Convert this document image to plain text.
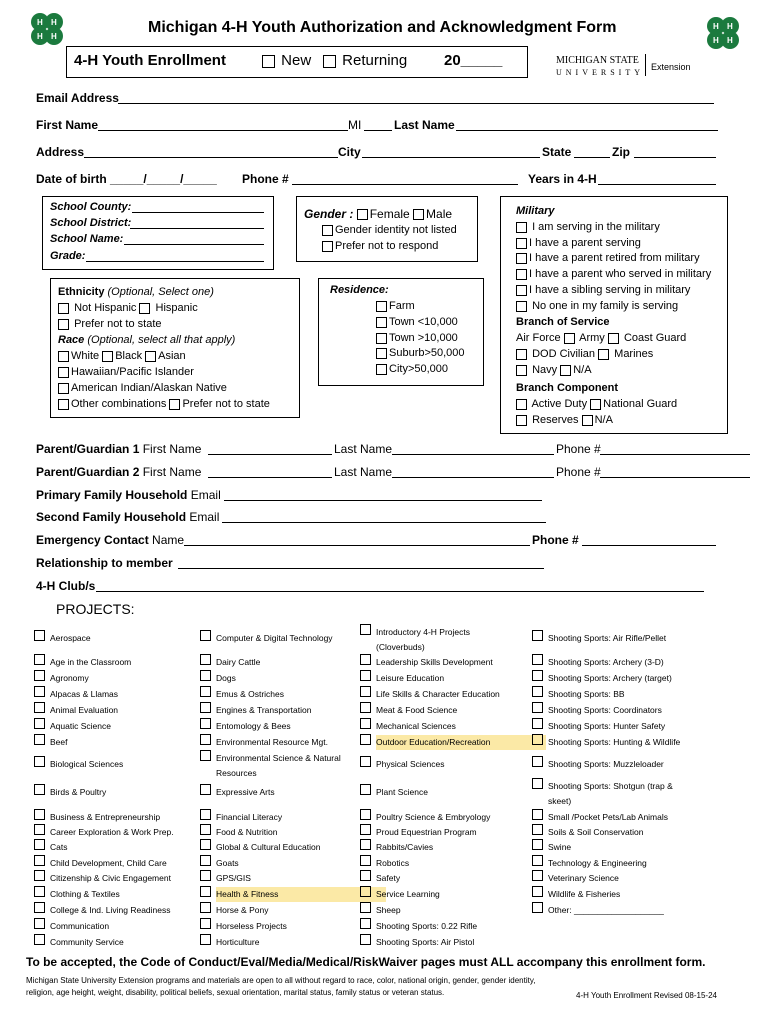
H H
H H
H H
H H
Michigan 4-H Youth Authorization and Acknowledgment Form
4-H Youth Enrollment	New	Returning 20_____	MICHIGAN STATE
UNIVERSITY
Extension
Email Address
First Name	MI	Last Name
Address	City	State	Zip
Date of birth _____/_____/_____ Phone #	Years in 4-H
School County:
School District:
School Name:
Grade:
Gender : Female Male
Gender identity not listed
Prefer not to respond
Military
I am serving in the military
I have a parent serving
I have a parent retired from military
I have a parent who served in military
I have a sibling serving in military
No one in my family is serving
Branch of Service
Air Force Army Coast Guard
DOD Civilian Marines
Navy N/A
Branch Component
Active Duty National Guard
Reserves N/A
Ethnicity (Optional, Select one)
Not Hispanic Hispanic
Prefer not to state
Race (Optional, select all that apply)
White Black Asian
Hawaiian/Pacific Islander
American Indian/Alaskan Native
Other combinations Prefer not to state
Residence:
Farm
Town <10,000
Town >10,000
Suburb>50,000
City>50,000
Parent/Guardian 1 First Name	Last Name	Phone #
Parent/Guardian 2 First Name	Last Name	Phone #
Primary Family Household Email
Second Family Household Email
Emergency Contact Name	Phone #
Relationship to member
4-H Club/s
PROJECTS:
Aerospace
Age in the Classroom
Agronomy
Alpacas & Llamas
Animal Evaluation
Aquatic Science
Beef
Biological Sciences
Birds & Poultry
Business & Entrepreneurship
Career Exploration & Work Prep.
Cats
Child Development, Child Care
Citizenship & Civic Engagement
Clothing & Textiles
College & Ind. Living Readiness
Communication
Community Service
Computer & Digital Technology
Dairy Cattle
Dogs
Emus & Ostriches
Engines & Transportation
Entomology & Bees
Environmental Resource Mgt.
Environmental Science & Natural Resources
Expressive Arts
Financial Literacy
Food & Nutrition
Global & Cultural Education
Goats
GPS/GIS
Health & Fitness
Horse & Pony
Horseless Projects
Horticulture
Introductory 4-H Projects (Cloverbuds)
Leadership Skills Development
Leisure Education
Life Skills & Character Education
Meat & Food Science
Mechanical Sciences
Outdoor Education/Recreation
Physical Sciences
Plant Science
Poultry Science & Embryology
Proud Equestrian Program
Rabbits/Cavies
Robotics
Safety
Service Learning
Sheep
Shooting Sports: 0.22 Rifle
Shooting Sports: Air Pistol
Shooting Sports: Air Rifle/Pellet
Shooting Sports: Archery (3-D)
Shooting Sports: Archery (target)
Shooting Sports: BB
Shooting Sports: Coordinators
Shooting Sports: Hunter Safety
Shooting Sports: Hunting & Wildlife
Shooting Sports: Muzzleloader
Shooting Sports: Shotgun (trap & skeet)
Small /Pocket Pets/Lab Animals
Soils & Soil Conservation
Swine
Technology & Engineering
Veterinary Science
Wildlife & Fisheries
Other: ___________________
To be accepted, the Code of Conduct/Eval/Media/Medical/RiskWaiver pages must ALL accompany this enrollment form.
Michigan State University Extension programs and materials are open to all without regard to race, color, national origin, gender, gender identity, religion, age height, weight, disability, political beliefs, sexual orientation, marital status, family status or veteran status.	4-H Youth Enrollment Revised 08-15-24
